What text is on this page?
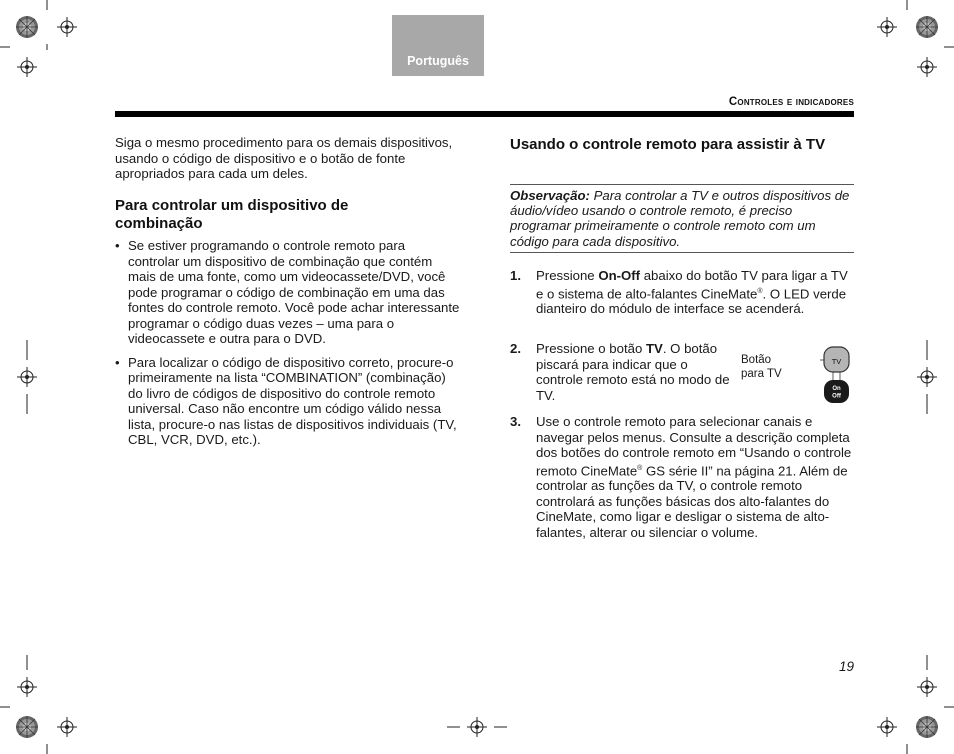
Português
Controles e indicadores
Siga o mesmo procedimento para os demais dispositivos, usando o código de dispositivo e o botão de fonte apropriados para cada um deles.
Para controlar um dispositivo de combinação
• Se estiver programando o controle remoto para controlar um dispositivo de combinação que contém mais de uma fonte, como um videocassete/DVD, você pode programar o código de combinação em uma das fontes do controle remoto. Você pode achar interessante programar o código duas vezes – uma para o videocassete e outra para o DVD.
• Para localizar o código de dispositivo correto, procure-o primeiramente na lista “COMBINATION” (combinação) do livro de códigos de dispositivo do controle remoto universal. Caso não encontre um código válido nessa lista, procure-o nas listas de dispositivos individuais (TV, CBL, VCR, DVD, etc.).
Usando o controle remoto para assistir à TV
Observação: Para controlar a TV e outros dispositivos de áudio/vídeo usando o controle remoto, é preciso programar primeiramente o controle remoto com um código para cada dispositivo.
1. Pressione On-Off abaixo do botão TV para ligar a TV e o sistema de alto-falantes CineMate®. O LED verde dianteiro do módulo de interface se acenderá.
2. Pressione o botão TV. O botão piscará para indicar que o controle remoto está no modo de TV.
Botão para TV
TV
On
Off
3. Use o controle remoto para selecionar canais e navegar pelos menus. Consulte a descrição completa dos botões do controle remoto em “Usando o controle remoto CineMate® GS série II” na página 21. Além de controlar as funções da TV, o controle remoto controlará as funções básicas dos alto-falantes do CineMate, como ligar e desligar o sistema de alto-falantes, alterar ou silenciar o volume.
19
